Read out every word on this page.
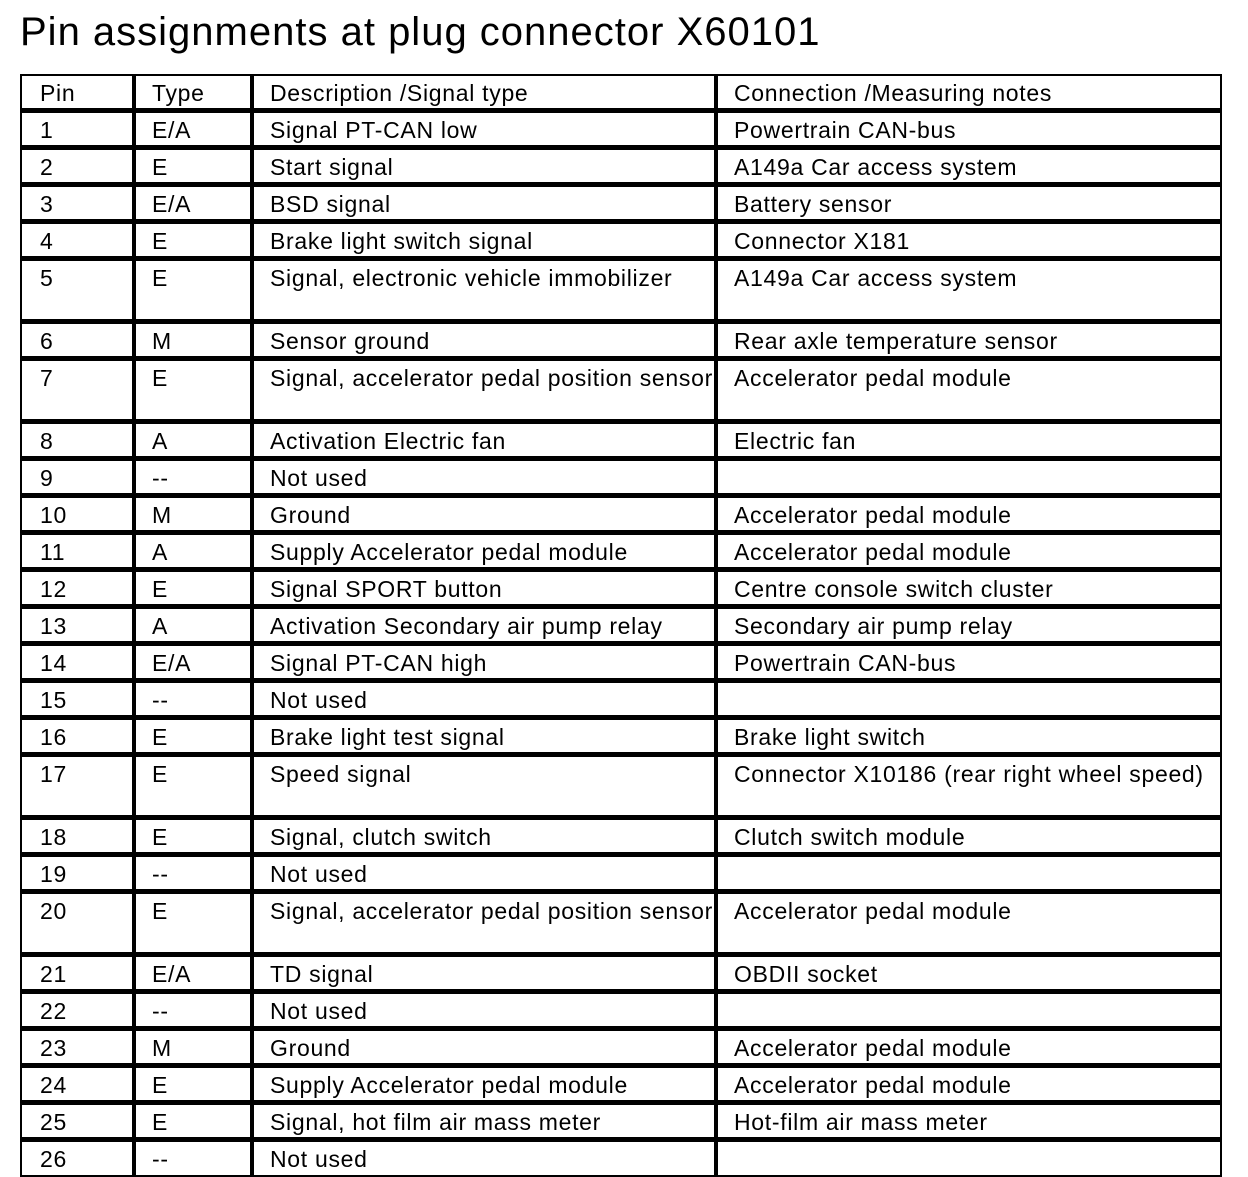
Pin assignments at plug connector X60101
Pin	Type	Description /Signal type	Connection /Measuring notes
1	E/A	Signal PT-CAN low	Powertrain CAN-bus
2	E	Start signal	A149a Car access system
3	E/A	BSD signal	Battery sensor
4	E	Brake light switch signal	Connector X181
5	E	Signal, electronic vehicle immobilizer	A149a Car access system
6	M	Sensor ground	Rear axle temperature sensor
7	E	Signal, accelerator pedal position sensor	Accelerator pedal module
8	A	Activation Electric fan	Electric fan
9	--	Not used	
10	M	Ground	Accelerator pedal module
11	A	Supply Accelerator pedal module	Accelerator pedal module
12	E	Signal SPORT button	Centre console switch cluster
13	A	Activation Secondary air pump relay	Secondary air pump relay
14	E/A	Signal PT-CAN high	Powertrain CAN-bus
15	--	Not used	
16	E	Brake light test signal	Brake light switch
17	E	Speed signal	Connector X10186 (rear right wheel speed)
18	E	Signal, clutch switch	Clutch switch module
19	--	Not used	
20	E	Signal, accelerator pedal position sensor	Accelerator pedal module
21	E/A	TD signal	OBDII socket
22	--	Not used	
23	M	Ground	Accelerator pedal module
24	E	Supply Accelerator pedal module	Accelerator pedal module
25	E	Signal, hot film air mass meter	Hot-film air mass meter
26	--	Not used	
